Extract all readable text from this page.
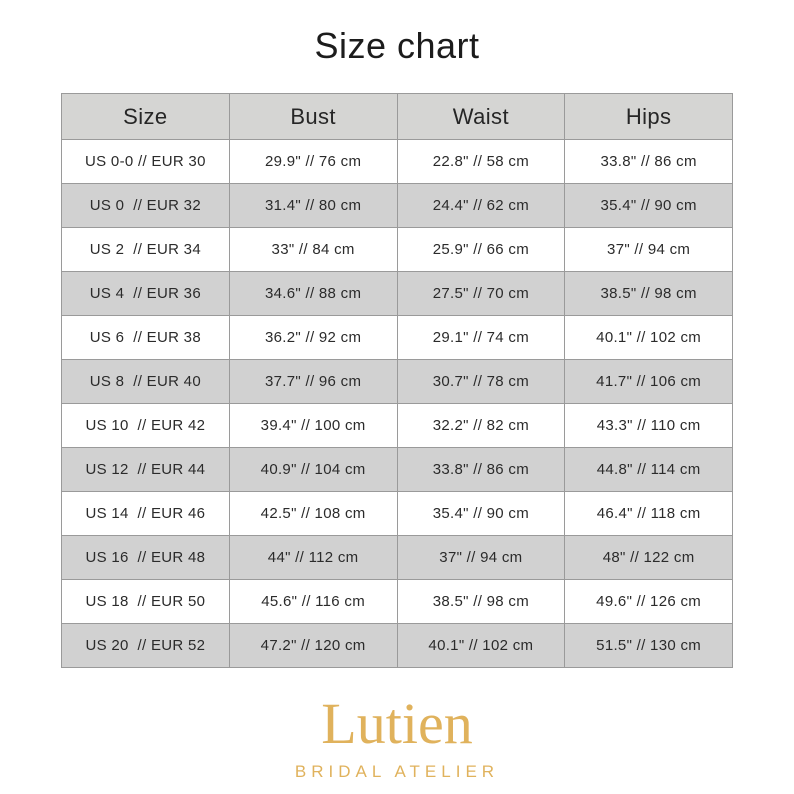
Size chart
Size	Bust	Waist	Hips
US 0-0 // EUR 30	29.9" // 76 cm	22.8" // 58 cm	33.8" // 86 cm
US 0  // EUR 32	31.4" // 80 cm	24.4" // 62 cm	35.4" // 90 cm
US 2  // EUR 34	33" // 84 cm	25.9" // 66 cm	37" // 94 cm
US 4  // EUR 36	34.6" // 88 cm	27.5" // 70 cm	38.5" // 98 cm
US 6  // EUR 38	36.2" // 92 cm	29.1" // 74 cm	40.1" // 102 cm
US 8  // EUR 40	37.7" // 96 cm	30.7" // 78 cm	41.7" // 106 cm
US 10  // EUR 42	39.4" // 100 cm	32.2" // 82 cm	43.3" // 110 cm
US 12  // EUR 44	40.9" // 104 cm	33.8" // 86 cm	44.8" // 114 cm
US 14  // EUR 46	42.5" // 108 cm	35.4" // 90 cm	46.4" // 118 cm
US 16  // EUR 48	44" // 112 cm	37" // 94 cm	48" // 122 cm
US 18  // EUR 50	45.6" // 116 cm	38.5" // 98 cm	49.6" // 126 cm
US 20  // EUR 52	47.2" // 120 cm	40.1" // 102 cm	51.5" // 130 cm
Lutien
BRIDAL ATELIER
